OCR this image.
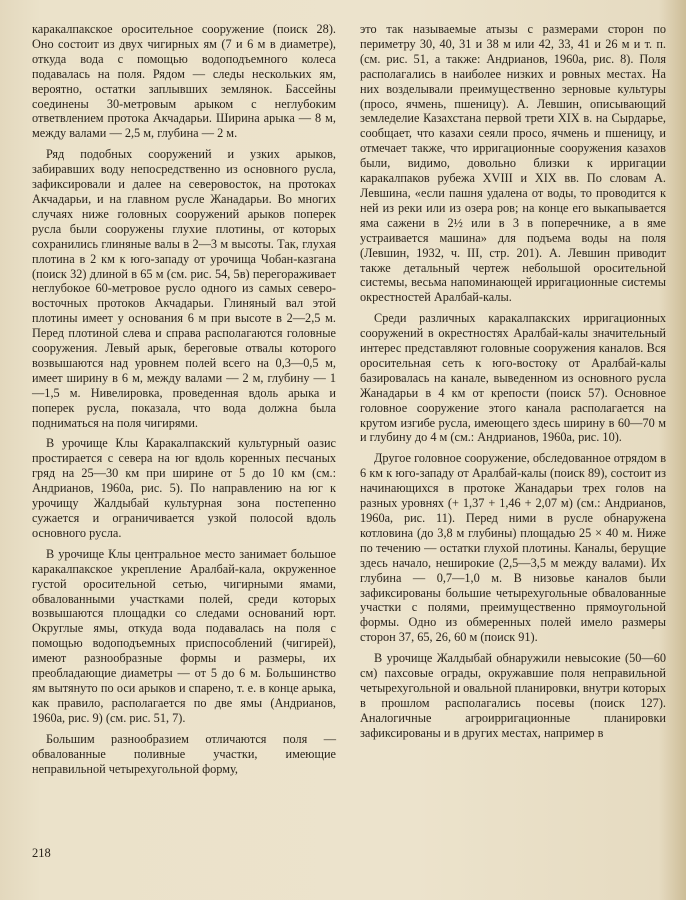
каракалпакское оросительное сооружение (поиск 28). Оно состоит из двух чигирных ям (7 и 6 м в диаметре), откуда вода с помощью водоподъемного колеса подавалась на поля. Рядом — следы нескольких ям, вероятно, остатки заплывших землянок. Бассейны соединены 30-метровым арыком с неглубоким ответвлением протока Акчадарьи. Ширина арыка — 8 м, между валами — 2,5 м, глубина — 2 м.

Ряд подобных сооружений и узких арыков, забиравших воду непосредственно из основного русла, зафиксировали и далее на северовосток, на протоках Акчадарьи, и на главном русле Жанадарьи. Во многих случаях ниже головных сооружений арыков поперек русла были сооружены глухие плотины, от которых сохранились глиняные валы в 2—3 м высоты. Так, глухая плотина в 2 км к юго-западу от урочища Чобан-казгана (поиск 32) длиной в 65 м (см. рис. 54, 5в) перегораживает неглубокое 60-метровое русло одного из самых северо-восточных протоков Акчадарьи. Глиняный вал этой плотины имеет у основания 6 м при высоте в 2—2,5 м. Перед плотиной слева и справа располагаются головные сооружения. Левый арык, береговые отвалы которого возвышаются над уровнем полей всего на 0,3—0,5 м, имеет ширину в 6 м, между валами — 2 м, глубину — 1—1,5 м. Нивелировка, проведенная вдоль арыка и поперек русла, показала, что вода должна была подниматься на поля чигирями.

В урочище Клы Каракалпакский культурный оазис простирается с севера на юг вдоль коренных песчаных гряд на 25—30 км при ширине от 5 до 10 км (см.: Андрианов, 1960а, рис. 5). По направлению на юг к урочищу Жалдыбай культурная зона постепенно сужается и ограничивается узкой полосой вдоль основного русла.

В урочище Клы центральное место занимает большое каракалпакское укрепление Аралбай-кала, окруженное густой оросительной сетью, чигирными ямами, обвалованными участками полей, среди которых возвышаются площадки со следами оснований юрт. Округлые ямы, откуда вода подавалась на поля с помощью водоподъемных приспособлений (чигирей), имеют разнообразные формы и размеры, их преобладающие диаметры — от 5 до 6 м. Большинство ям вытянуто по оси арыков и спарено, т. е. в конце арыка, как правило, располагается по две ямы (Андрианов, 1960а, рис. 9) (см. рис. 51, 7).

Большим разнообразием отличаются поля — обвалованные поливные участки, имеющие неправильной четырехугольной форму,

это так называемые атызы с размерами сторон по периметру 30, 40, 31 и 38 м или 42, 33, 41 и 26 м и т. п. (см. рис. 51, а также: Андрианов, 1960а, рис. 8). Поля располагались в наиболее низких и ровных местах. На них возделывали преимущественно зерновые культуры (просо, ячмень, пшеницу). А. Левшин, описывающий земледелие Казахстана первой трети XIX в. на Сырдарье, сообщает, что казахи сеяли просо, ячмень и пшеницу, и отмечает также, что ирригационные сооружения казахов были, видимо, довольно близки к ирригации каракалпаков рубежа XVIII и XIX вв. По словам А. Левшина, «если пашня удалена от воды, то проводится к ней из реки или из озера ров; на конце его выкапывается яма сажени в 2½ или в 3 в поперечнике, а в яме устраивается машина» для подъема воды на поля (Левшин, 1932, ч. III, стр. 201). А. Левшин приводит также детальный чертеж небольшой оросительной системы, весьма напоминающей ирригационные системы окрестностей Аралбай-калы.

Среди различных каракалпакских ирригационных сооружений в окрестностях Аралбай-калы значительный интерес представляют головные сооружения каналов. Вся оросительная сеть к юго-востоку от Аралбай-калы базировалась на канале, выведенном из основного русла Жанадарьи в 4 км от крепости (поиск 57). Основное головное сооружение этого канала располагается на крутом изгибе русла, имеющего здесь ширину в 60—70 м и глубину до 4 м (см.: Андрианов, 1960а, рис. 10).

Другое головное сооружение, обследованное отрядом в 6 км к юго-западу от Аралбай-калы (поиск 89), состоит из начинающихся в протоке Жанадарьи трех голов на разных уровнях (+ 1,37 + 1,46 + 2,07 м) (см.: Андрианов, 1960а, рис. 11). Перед ними в русле обнаружена котловина (до 3,8 м глубины) площадью 25 × 40 м. Ниже по течению — остатки глухой плотины. Каналы, берущие здесь начало, неширокие (2,5—3,5 м между валами). Их глубина — 0,7—1,0 м. В низовье каналов были зафиксированы большие четырехугольные обвалованные участки с полями, преимущественно прямоугольной формы. Одно из обмеренных полей имело размеры сторон 37, 65, 26, 60 м (поиск 91).

В урочище Жалдыбай обнаружили невысокие (50—60 см) пахсовые ограды, окружавшие поля неправильной четырехугольной и овальной планировки, внутри которых в прошлом располагались посевы (поиск 127). Аналогичные агроирригационные планировки зафиксированы и в других местах, например в

218
